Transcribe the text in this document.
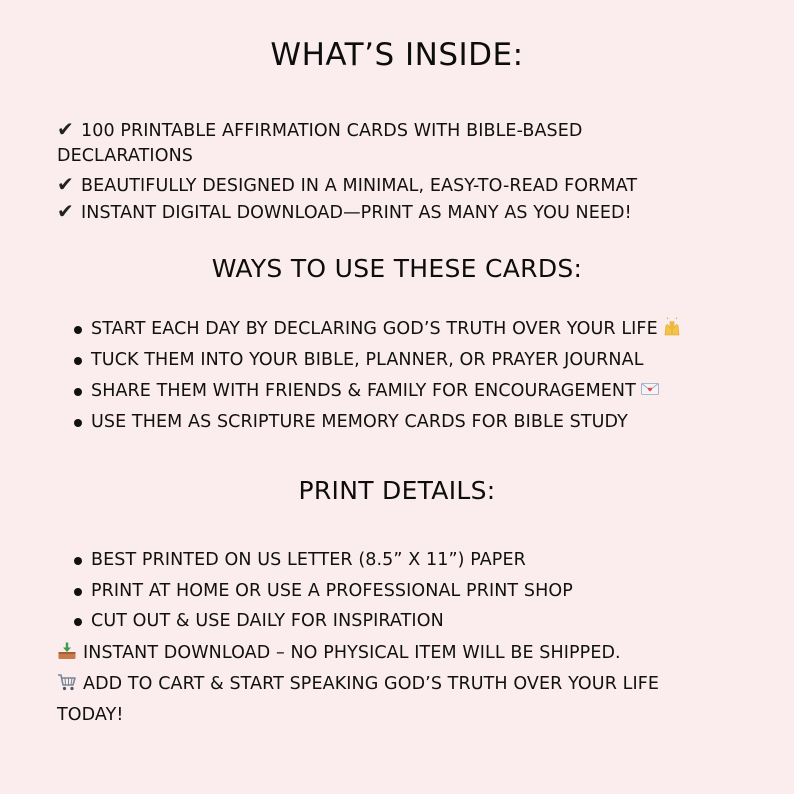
WHAT’S INSIDE:
✔ 100 PRINTABLE AFFIRMATION CARDS WITH BIBLE-BASED
DECLARATIONS
✔ BEAUTIFULLY DESIGNED IN A MINIMAL, EASY-TO-READ FORMAT
✔ INSTANT DIGITAL DOWNLOAD—PRINT AS MANY AS YOU NEED!
WAYS TO USE THESE CARDS:
START EACH DAY BY DECLARING GOD’S TRUTH OVER YOUR LIFE
TUCK THEM INTO YOUR BIBLE, PLANNER, OR PRAYER JOURNAL
SHARE THEM WITH FRIENDS & FAMILY FOR ENCOURAGEMENT
USE THEM AS SCRIPTURE MEMORY CARDS FOR BIBLE STUDY
PRINT DETAILS:
BEST PRINTED ON US LETTER (8.5” X 11”) PAPER
PRINT AT HOME OR USE A PROFESSIONAL PRINT SHOP
CUT OUT & USE DAILY FOR INSPIRATION
INSTANT DOWNLOAD – NO PHYSICAL ITEM WILL BE SHIPPED.
ADD TO CART & START SPEAKING GOD’S TRUTH OVER YOUR LIFE
TODAY!
